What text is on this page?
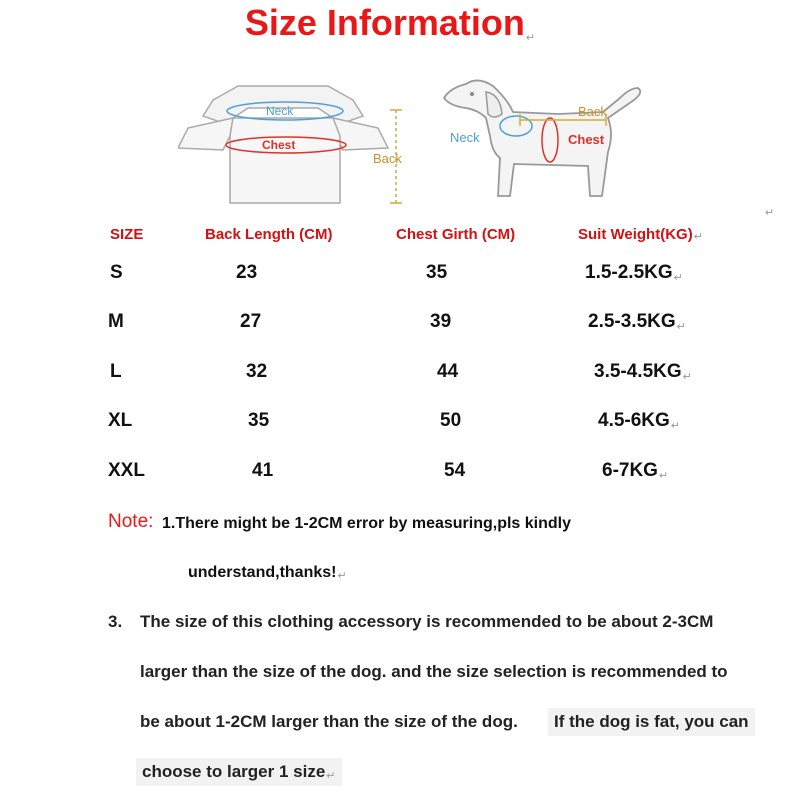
Size Information↵
Neck
Chest
Back
Neck	Chest
Back
↵
SIZE	Back Length (CM)	Chest Girth (CM)	Suit Weight(KG)↵
S	23	35	1.5-2.5KG↵
M	27	39	2.5-3.5KG↵
L	32	44	3.5-4.5KG↵
XL	35	50	4.5-6KG↵
XXL	41	54	6-7KG↵
Note: 1.There might be 1-2CM error by measuring,pls kindly
understand,thanks!↵
3. The size of this clothing accessory is recommended to be about 2-3CM
larger than the size of the dog. and the size selection is recommended to
be about 1-2CM larger than the size of the dog.	If the dog is fat, you can
choose to larger 1 size↵
